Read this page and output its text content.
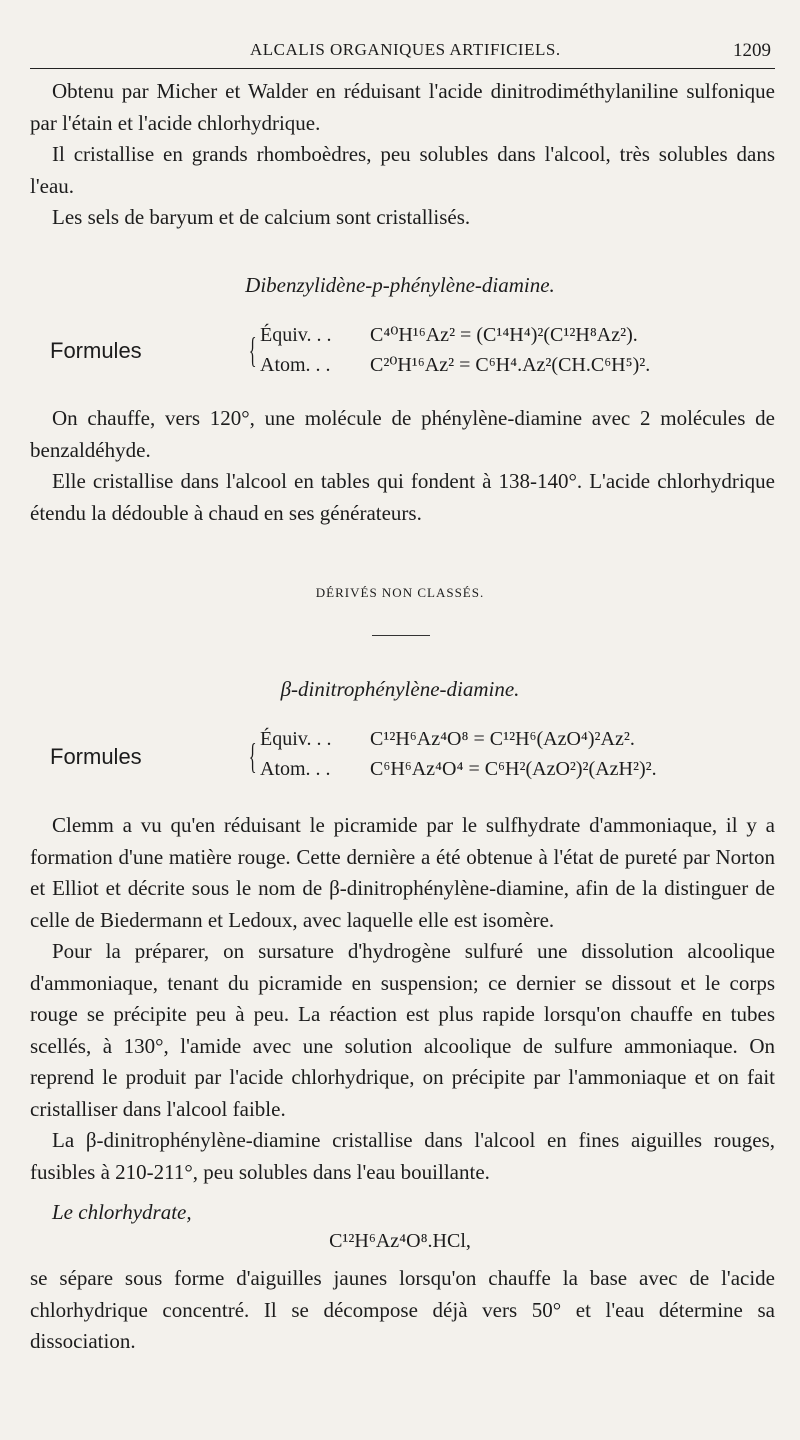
ALCALIS ORGANIQUES ARTIFICIELS.	1209

Obtenu par Micher et Walder en réduisant l'acide dinitrodiméthylaniline sulfonique par l'étain et l'acide chlorhydrique.

Il cristallise en grands rhomboèdres, peu solubles dans l'alcool, très solubles dans l'eau.

Les sels de baryum et de calcium sont cristallisés.

Dibenzylidène-p-phénylène-diamine.
Formules	{ Équiv. . . C⁴⁰H¹⁶Az² = (C¹⁴H⁴)²(C¹²H⁸Az²).
Atom. . . C²⁰H¹⁶Az² = C⁶H⁴.Az²(CH.C⁶H⁵)².

On chauffe, vers 120°, une molécule de phénylène-diamine avec 2 molécules de benzaldéhyde.

Elle cristallise dans l'alcool en tables qui fondent à 138-140°. L'acide chlorhydrique étendu la dédouble à chaud en ses générateurs.

DÉRIVÉS NON CLASSÉS.
β-dinitrophénylène-diamine.
Formules	{ Équiv. . . C¹²H⁶Az⁴O⁸ = C¹²H⁶(AzO⁴)²Az².
Atom. . . C⁶H⁶Az⁴O⁴ = C⁶H²(AzO²)²(AzH²)².

Clemm a vu qu'en réduisant le picramide par le sulfhydrate d'ammoniaque, il y a formation d'une matière rouge. Cette dernière a été obtenue à l'état de pureté par Norton et Elliot et décrite sous le nom de β-dinitrophénylène-diamine, afin de la distinguer de celle de Biedermann et Ledoux, avec laquelle elle est isomère.

Pour la préparer, on sursature d'hydrogène sulfuré une dissolution alcoolique d'ammoniaque, tenant du picramide en suspension; ce dernier se dissout et le corps rouge se précipite peu à peu. La réaction est plus rapide lorsqu'on chauffe en tubes scellés, à 130°, l'amide avec une solution alcoolique de sulfure ammoniaque. On reprend le produit par l'acide chlorhydrique, on précipite par l'ammoniaque et on fait cristalliser dans l'alcool faible.

La β-dinitrophénylène-diamine cristallise dans l'alcool en fines aiguilles rouges, fusibles à 210-211°, peu solubles dans l'eau bouillante.

Le chlorhydrate,

C¹²H⁶Az⁴O⁸.HCl,

se sépare sous forme d'aiguilles jaunes lorsqu'on chauffe la base avec de l'acide chlorhydrique concentré. Il se décompose déjà vers 50° et l'eau détermine sa dissociation.
